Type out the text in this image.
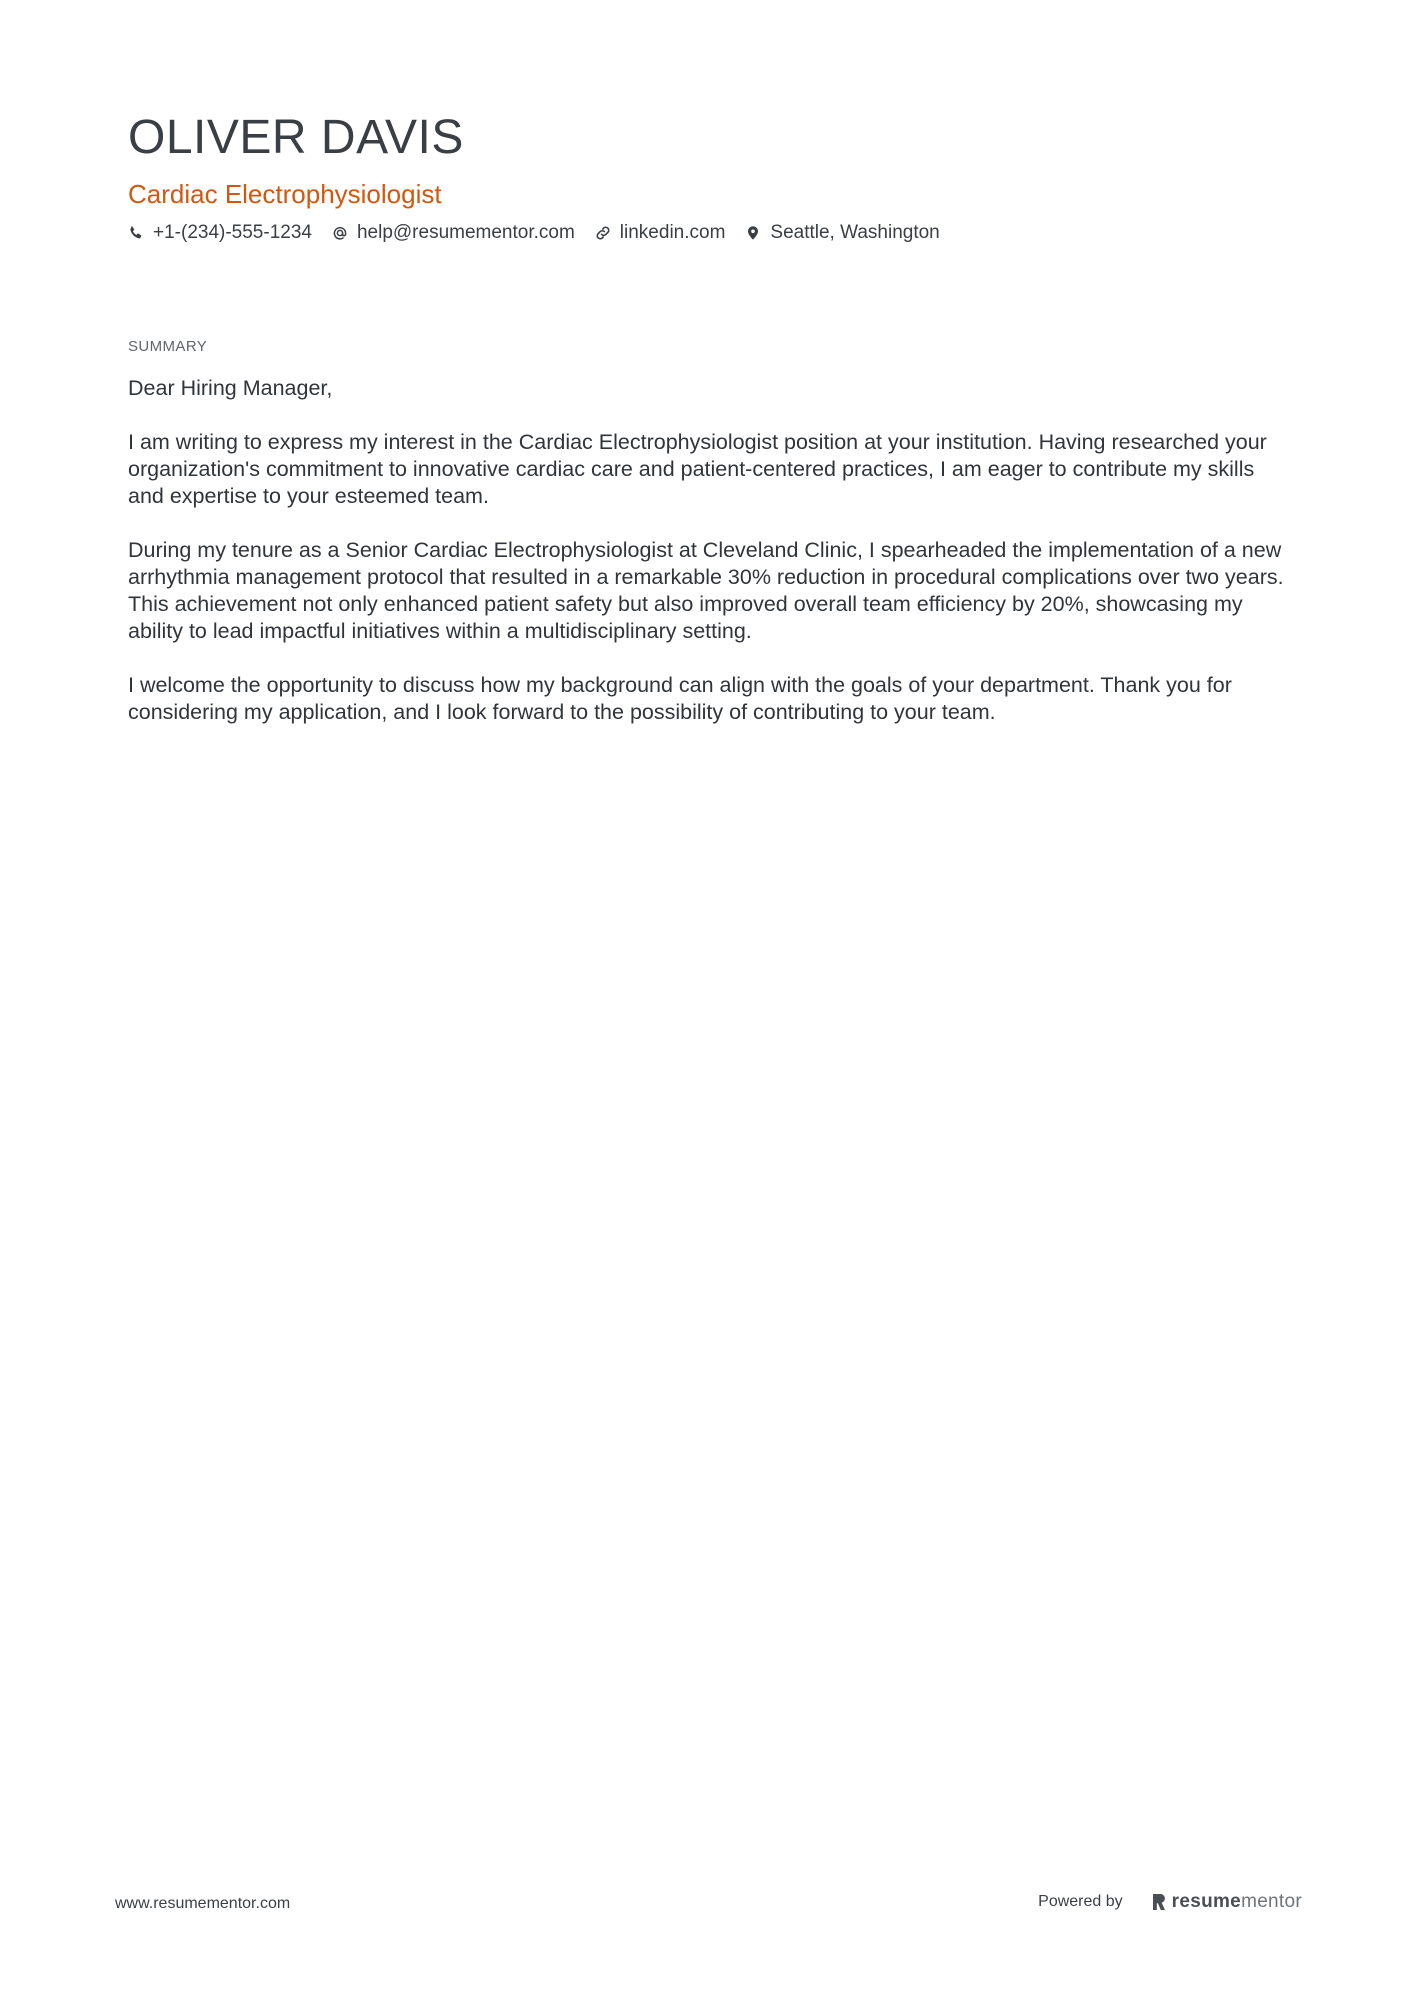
OLIVER DAVIS
Cardiac Electrophysiologist
+1-(234)-555-1234 help@resumementor.com linkedin.com Seattle, Washington
SUMMARY

Dear Hiring Manager,

I am writing to express my interest in the Cardiac Electrophysiologist position at your institution. Having researched your organization's commitment to innovative cardiac care and patient-centered practices, I am eager to contribute my skills and expertise to your esteemed team.

During my tenure as a Senior Cardiac Electrophysiologist at Cleveland Clinic, I spearheaded the implementation of a new arrhythmia management protocol that resulted in a remarkable 30% reduction in procedural complications over two years. This achievement not only enhanced patient safety but also improved overall team efficiency by 20%, showcasing my ability to lead impactful initiatives within a multidisciplinary setting.

I welcome the opportunity to discuss how my background can align with the goals of your department. Thank you for considering my application, and I look forward to the possibility of contributing to your team.

www.resumementor.com	Powered by	resumementor
